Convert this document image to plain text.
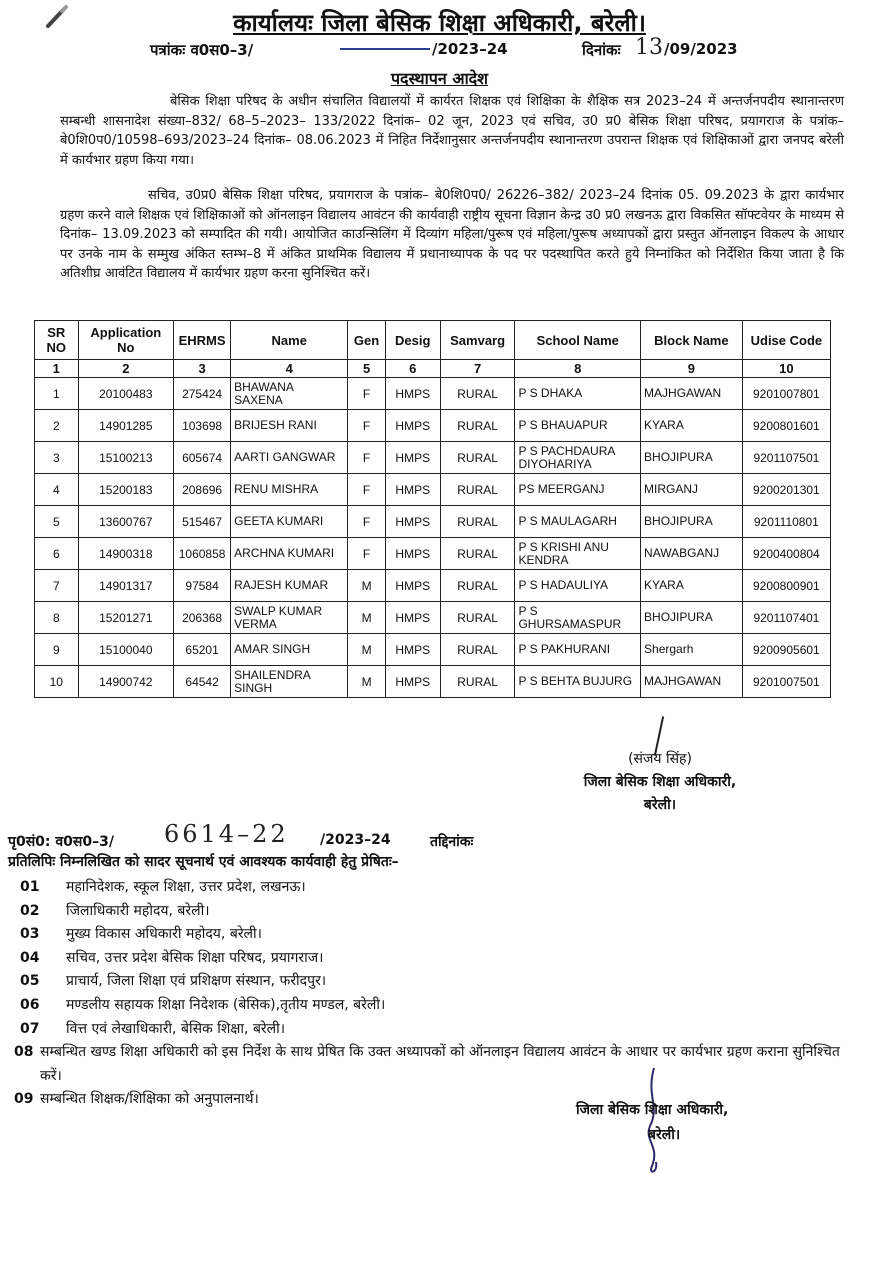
कार्यालयः जिला बेसिक शिक्षा अधिकारी, बरेली।
पत्रांकः व0स0–3/	/2023–24	दिनांकः 13 /09/2023
पदस्थापन आदेश
बेसिक शिक्षा परिषद के अधीन संचालित विद्यालयों में कार्यरत शिक्षक एवं शिक्षिका के शैक्षिक सत्र 2023–24 में अन्तर्जनपदीय स्थानान्तरण सम्बन्धी शासनादेश संख्या–832/ 68–5–2023– 133/2022 दिनांक– 02 जून, 2023 एवं सचिव, उ0 प्र0 बेसिक शिक्षा परिषद, प्रयागराज के पत्रांक– बे0शि0प0/10598–693/2023–24 दिनांक– 08.06.2023 में निहित निर्देशानुसार अन्तर्जनपदीय स्थानान्तरण उपरान्त शिक्षक एवं शिक्षिकाओं द्वारा जनपद बरेली में कार्यभार ग्रहण किया गया।
सचिव, उ0प्र0 बेसिक शिक्षा परिषद, प्रयागराज के पत्रांक– बे0शि0प0/ 26226–382/ 2023–24 दिनांक 05. 09.2023 के द्वारा कार्यभार ग्रहण करने वाले शिक्षक एवं शिक्षिकाओं को ऑनलाइन विद्यालय आवंटन की कार्यवाही राष्ट्रीय सूचना विज्ञान केन्द्र उ0 प्र0 लखनऊ द्वारा विकसित सॉफ्टवेयर के माध्यम से दिनांक– 13.09.2023 को सम्पादित की गयी। आयोजित काउन्सिलिंग में दिव्यांग महिला/पुरूष एवं महिला/पुरूष अध्यापकों द्वारा प्रस्तुत ऑनलाइन विकल्प के आधार पर उनके नाम के सम्मुख अंकित स्तम्भ–8 में अंकित प्राथमिक विद्यालय में प्रधानाध्यापक के पद पर पदस्थापित करते हुये निम्नांकित को निर्देशित किया जाता है कि अतिशीघ्र आवंटित विद्यालय में कार्यभार ग्रहण करना सुनिश्चित करें।
SR NO	Application No	EHRMS	Name	Gen	Desig	Samvarg	School Name	Block Name	Udise Code
1	2	3	4	5	6	7	8	9	10
1	20100483	275424	BHAWANA SAXENA	F	HMPS	RURAL	P S DHAKA	MAJHGAWAN	9201007801
2	14901285	103698	BRIJESH RANI	F	HMPS	RURAL	P S BHAUAPUR	KYARA	9200801601
3	15100213	605674	AARTI GANGWAR	F	HMPS	RURAL	P S PACHDAURA DIYOHARIYA	BHOJIPURA	9201107501
4	15200183	208696	RENU MISHRA	F	HMPS	RURAL	PS MEERGANJ	MIRGANJ	9200201301
5	13600767	515467	GEETA KUMARI	F	HMPS	RURAL	P S MAULAGARH	BHOJIPURA	9201110801
6	14900318	1060858	ARCHNA KUMARI	F	HMPS	RURAL	P S KRISHI ANU KENDRA	NAWABGANJ	9200400804
7	14901317	97584	RAJESH KUMAR	M	HMPS	RURAL	P S HADAULIYA	KYARA	9200800901
8	15201271	206368	SWALP KUMAR VERMA	M	HMPS	RURAL	P S GHURSAMASPUR	BHOJIPURA	9201107401
9	15100040	65201	AMAR SINGH	M	HMPS	RURAL	P S PAKHURANI	Shergarh	9200905601
10	14900742	64542	SHAILENDRA SINGH	M	HMPS	RURAL	P S BEHTA BUJURG	MAJHGAWAN	9201007501
(संजय सिंह)
जिला बेसिक शिक्षा अधिकारी,
बरेली।
पृ0सं0: व0स0–3/ 6614–22 /2023–24	तद्दिनांकः
प्रतिलिपिः निम्नलिखित को सादर सूचनार्थ एवं आवश्यक कार्यवाही हेतु प्रेषितः–
01 महानिदेशक, स्कूल शिक्षा, उत्तर प्रदेश, लखनऊ।
02 जिलाधिकारी महोदय, बरेली।
03 मुख्य विकास अधिकारी महोदय, बरेली।
04 सचिव, उत्तर प्रदेश बेसिक शिक्षा परिषद, प्रयागराज।
05 प्राचार्य, जिला शिक्षा एवं प्रशिक्षण संस्थान, फरीदपुर।
06 मण्डलीय सहायक शिक्षा निदेशक (बेसिक),तृतीय मण्डल, बरेली।
07 वित्त एवं लेखाधिकारी, बेसिक शिक्षा, बरेली।
08 सम्बन्धित खण्ड शिक्षा अधिकारी को इस निर्देश के साथ प्रेषित कि उक्त अध्यापकों को ऑनलाइन विद्यालय आवंटन के आधार पर कार्यभार ग्रहण कराना सुनिश्चित करें।
09 सम्बन्धित शिक्षक/शिक्षिका को अनुपालनार्थ।
जिला बेसिक शिक्षा अधिकारी,
बरेली।
